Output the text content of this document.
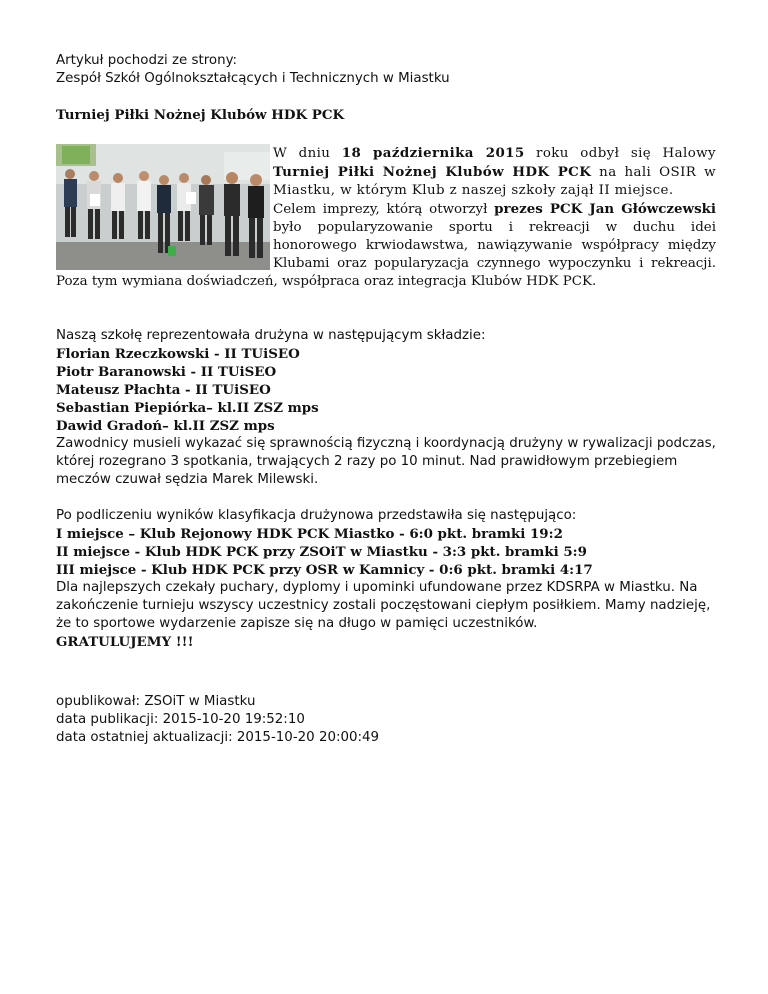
Artykuł pochodzi ze strony:

Zespół Szkół Ogólnokształcących i Technicznych w Miastku

Turniej Piłki Nożnej Klubów HDK PCK

W dniu 18 października 2015 roku odbył się Halowy Turniej Piłki Nożnej Klubów HDK PCK na hali OSIR w Miastku, w którym Klub z naszej szkoły zajął II miejsce.

Celem imprezy, którą otworzył prezes PCK Jan Główczewski było popularyzowanie sportu i rekreacji w duchu idei honorowego krwiodawstwa, nawiązywanie współpracy między Klubami oraz popularyzacja czynnego wypoczynku i rekreacji. Poza tym wymiana doświadczeń, współpraca oraz integracja Klubów HDK PCK.

Naszą szkołę reprezentowała drużyna w następującym składzie:

Florian Rzeczkowski - II TUiSEO

Piotr Baranowski - II TUiSEO

Mateusz Płachta - II TUiSEO

Sebastian Piepiórka– kl.II ZSZ mps

Dawid Gradoń– kl.II ZSZ mps

Zawodnicy musieli wykazać się sprawnością fizyczną i koordynacją drużyny w rywalizacji podczas, której rozegrano 3 spotkania, trwających 2 razy po 10 minut. Nad prawidłowym przebiegiem meczów czuwał sędzia Marek Milewski.

Po podliczeniu wyników klasyfikacja drużynowa przedstawiła się następująco:

I miejsce – Klub Rejonowy HDK PCK Miastko - 6:0 pkt. bramki 19:2

II miejsce - Klub HDK PCK przy ZSOiT w Miastku - 3:3 pkt. bramki 5:9

III miejsce - Klub HDK PCK przy OSR w Kamnicy - 0:6 pkt. bramki 4:17

Dla najlepszych czekały puchary, dyplomy i upominki ufundowane przez KDSRPA w Miastku. Na zakończenie turnieju wszyscy uczestnicy zostali poczęstowani ciepłym posiłkiem. Mamy nadzieję, że to sportowe wydarzenie zapisze się na długo w pamięci uczestników.

GRATULUJEMY !!!

opublikował: ZSOiT w Miastku

data publikacji: 2015-10-20 19:52:10

data ostatniej aktualizacji: 2015-10-20 20:00:49
